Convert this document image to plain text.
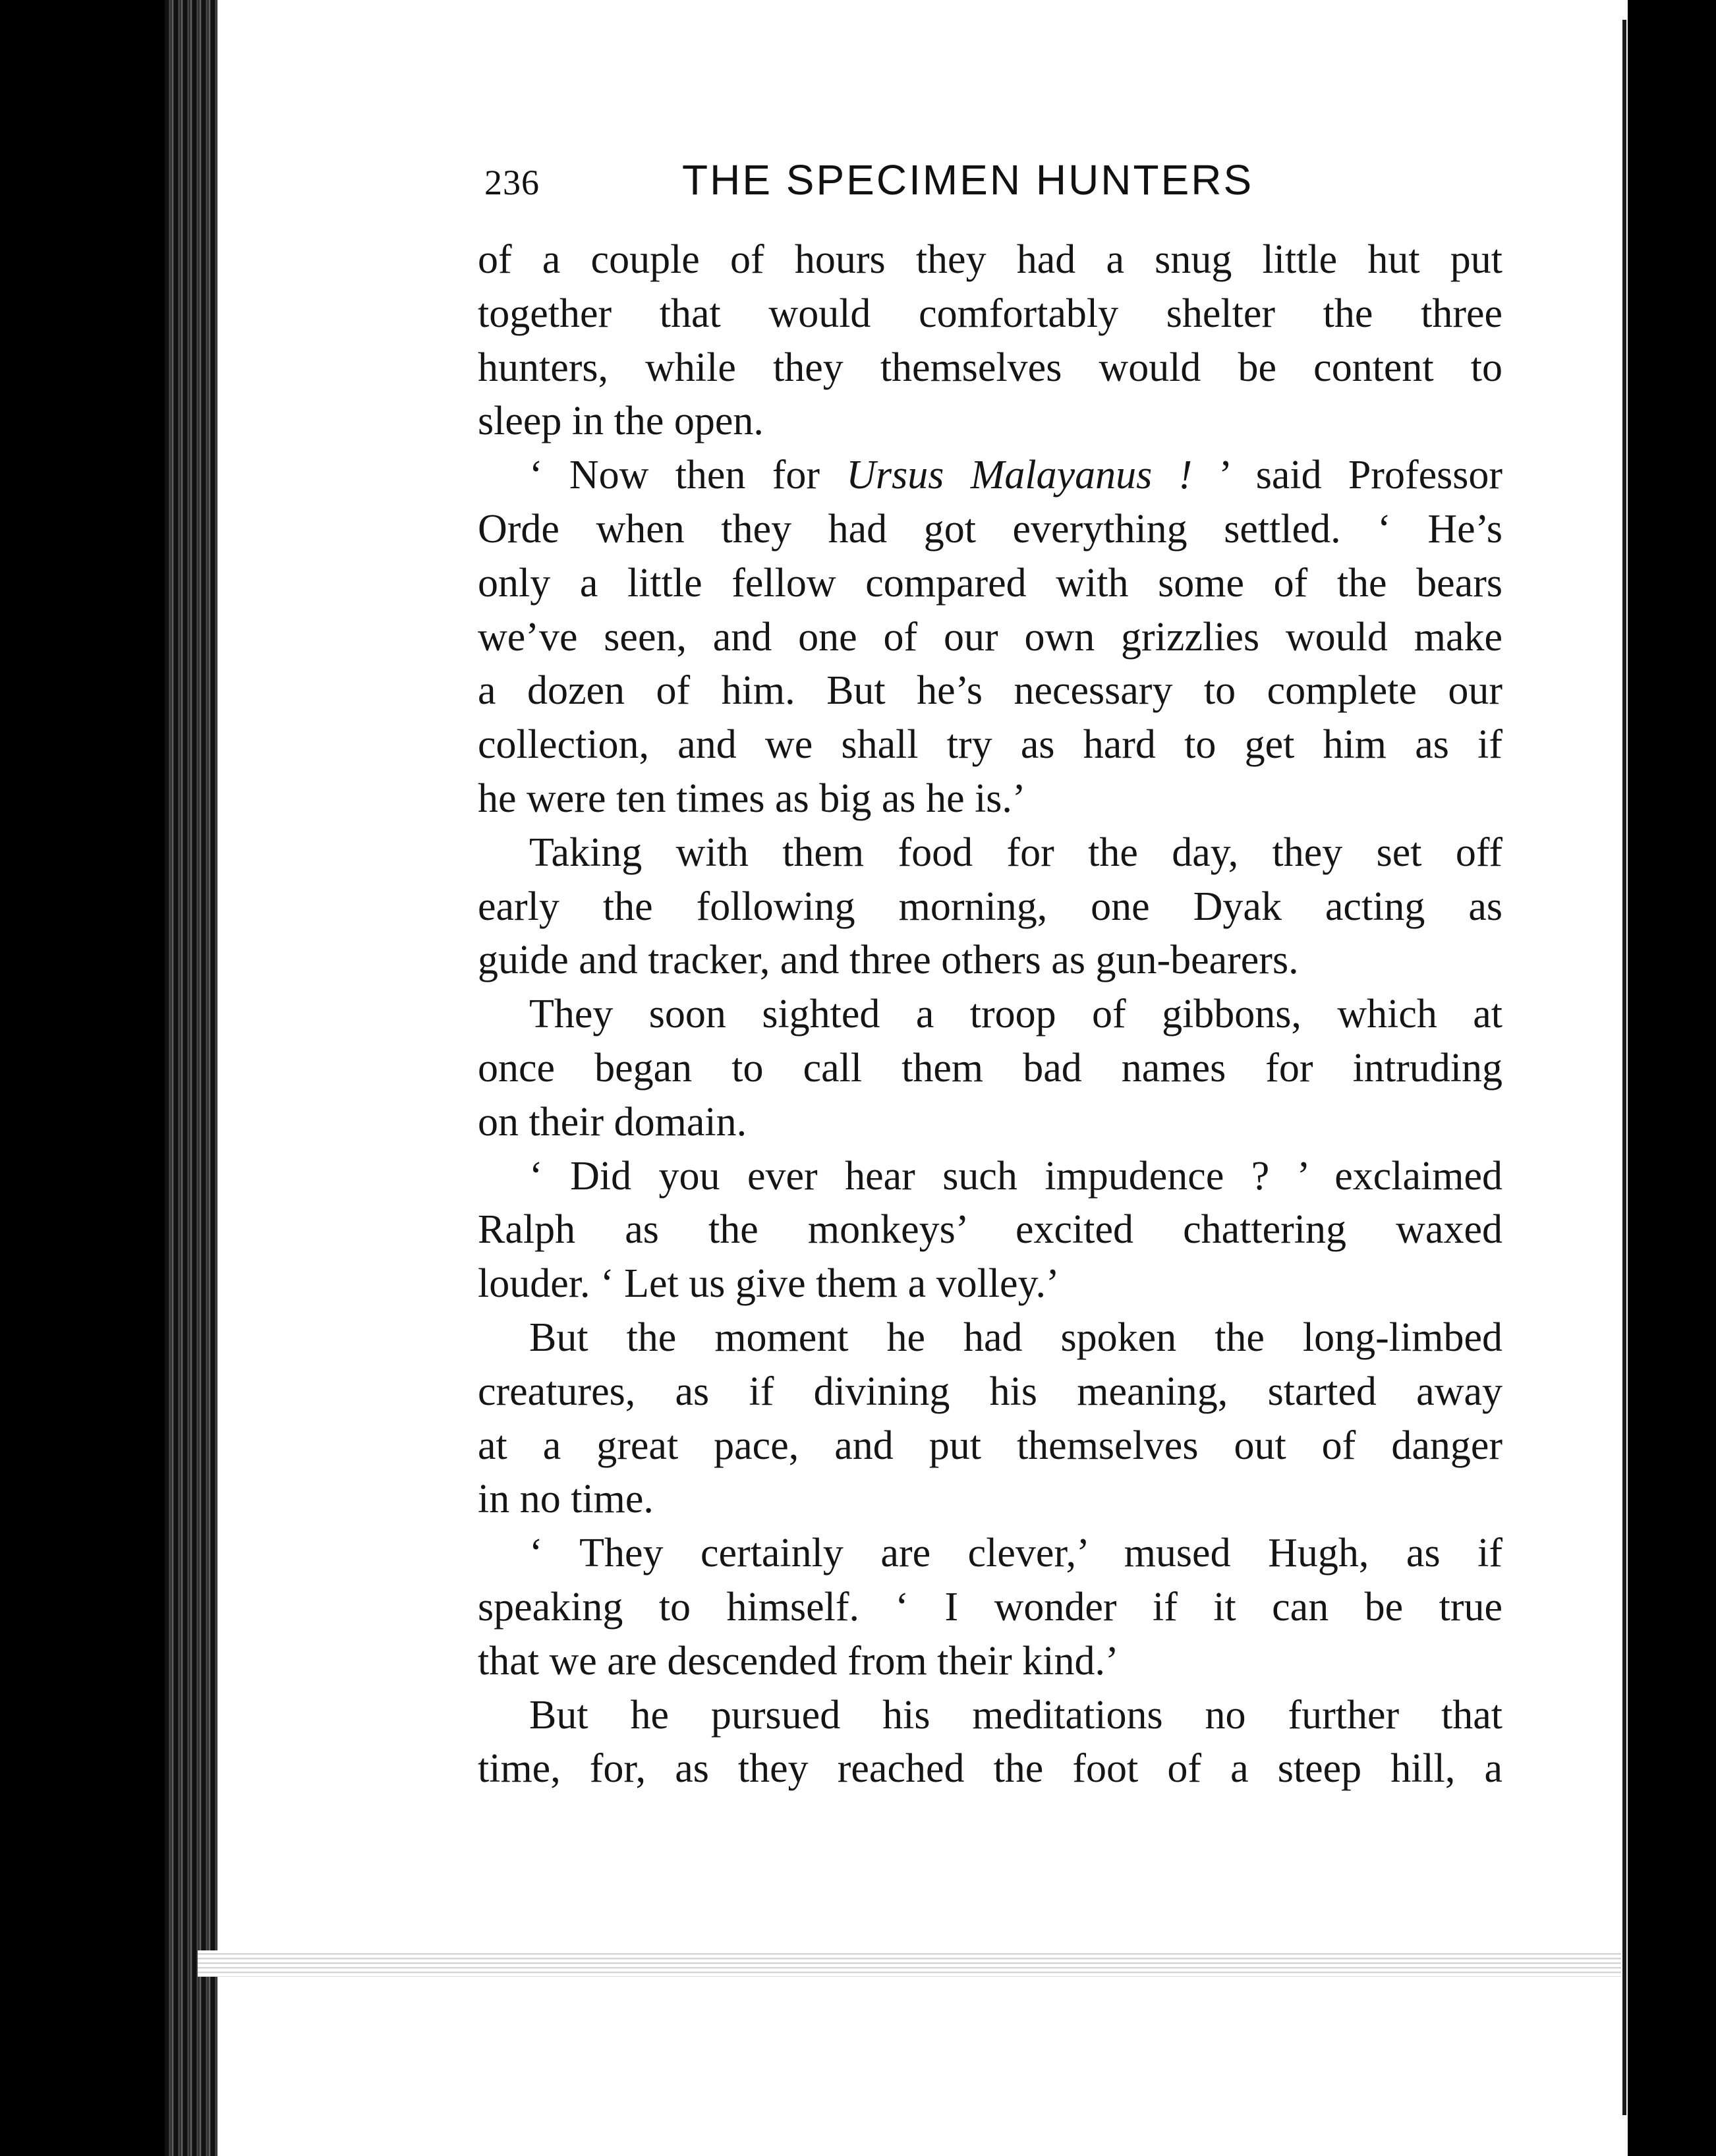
236	THE SPECIMEN HUNTERS
of a couple of hours they had a snug little hut put
together that would comfortably shelter the three
hunters, while they themselves would be content to
sleep in the open.
‘ Now then for Ursus Malayanus ! ’ said Professor
Orde when they had got everything settled. ‘ He’s
only a little fellow compared with some of the bears
we’ve seen, and one of our own grizzlies would make
a dozen of him. But he’s necessary to complete our
collection, and we shall try as hard to get him as if
he were ten times as big as he is.’
Taking with them food for the day, they set off
early the following morning, one Dyak acting as
guide and tracker, and three others as gun-bearers.
They soon sighted a troop of gibbons, which at
once began to call them bad names for intruding
on their domain.
‘ Did you ever hear such impudence ? ’ exclaimed
Ralph as the monkeys’ excited chattering waxed
louder. ‘ Let us give them a volley.’
But the moment he had spoken the long-limbed
creatures, as if divining his meaning, started away
at a great pace, and put themselves out of danger
in no time.
‘ They certainly are clever,’ mused Hugh, as if
speaking to himself. ‘ I wonder if it can be true
that we are descended from their kind.’
But he pursued his meditations no further that
time, for, as they reached the foot of a steep hill, a
